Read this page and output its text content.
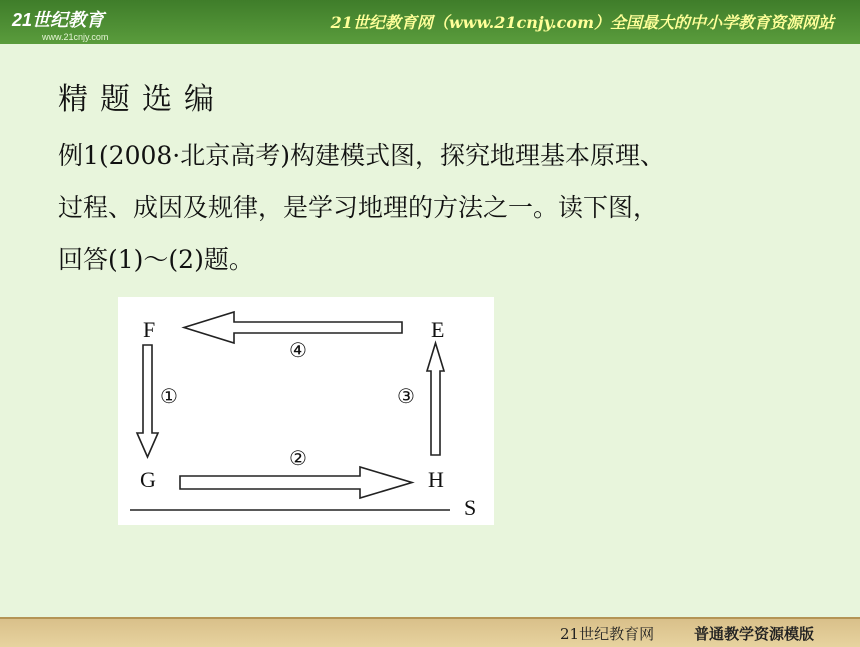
21世纪教育
www.21cnjy.com
21世纪教育网（www.21cnjy.com）全国最大的中小学教育资源网站
精题选编
例1(2008·北京高考)构建模式图，探究地理基本原理、
过程、成因及规律，是学习地理的方法之一。读下图，
回答(1)～(2)题。
F	E
G	H
S
④
①	③
②
21世纪教育网	普通教学资源模版
